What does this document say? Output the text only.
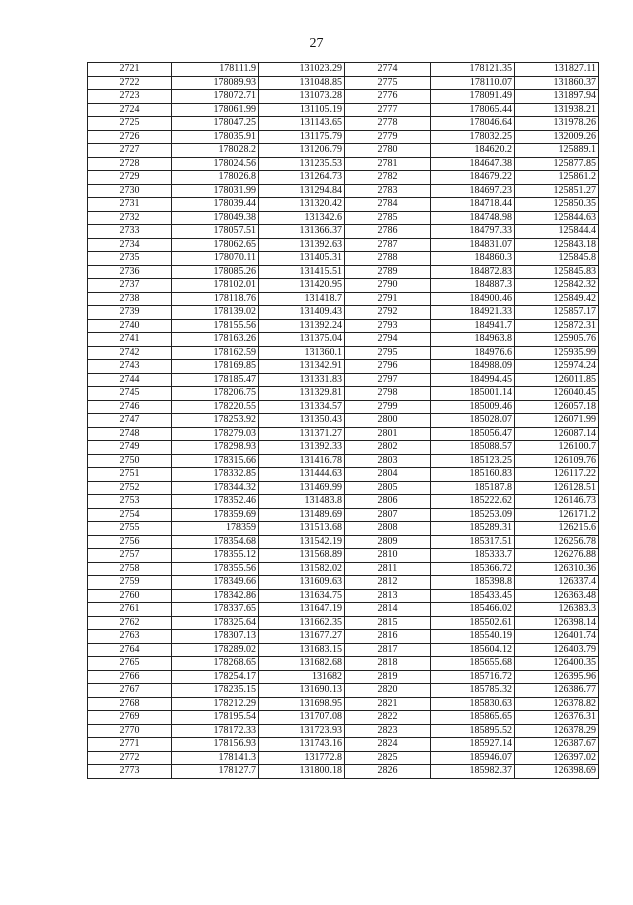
27
2721	178111.9	131023.29	2774	178121.35	131827.11
2722	178089.93	131048.85	2775	178110.07	131860.37
2723	178072.71	131073.28	2776	178091.49	131897.94
2724	178061.99	131105.19	2777	178065.44	131938.21
2725	178047.25	131143.65	2778	178046.64	131978.26
2726	178035.91	131175.79	2779	178032.25	132009.26
2727	178028.2	131206.79	2780	184620.2	125889.1
2728	178024.56	131235.53	2781	184647.38	125877.85
2729	178026.8	131264.73	2782	184679.22	125861.2
2730	178031.99	131294.84	2783	184697.23	125851.27
2731	178039.44	131320.42	2784	184718.44	125850.35
2732	178049.38	131342.6	2785	184748.98	125844.63
2733	178057.51	131366.37	2786	184797.33	125844.4
2734	178062.65	131392.63	2787	184831.07	125843.18
2735	178070.11	131405.31	2788	184860.3	125845.8
2736	178085.26	131415.51	2789	184872.83	125845.83
2737	178102.01	131420.95	2790	184887.3	125842.32
2738	178118.76	131418.7	2791	184900.46	125849.42
2739	178139.02	131409.43	2792	184921.33	125857.17
2740	178155.56	131392.24	2793	184941.7	125872.31
2741	178163.26	131375.04	2794	184963.8	125905.76
2742	178162.59	131360.1	2795	184976.6	125935.99
2743	178169.85	131342.91	2796	184988.09	125974.24
2744	178185.47	131331.83	2797	184994.45	126011.85
2745	178206.75	131329.81	2798	185001.14	126040.45
2746	178220.55	131334.57	2799	185009.46	126057.18
2747	178253.92	131350.43	2800	185028.07	126071.99
2748	178279.03	131371.27	2801	185056.47	126087.14
2749	178298.93	131392.33	2802	185088.57	126100.7
2750	178315.66	131416.78	2803	185123.25	126109.76
2751	178332.85	131444.63	2804	185160.83	126117.22
2752	178344.32	131469.99	2805	185187.8	126128.51
2753	178352.46	131483.8	2806	185222.62	126146.73
2754	178359.69	131489.69	2807	185253.09	126171.2
2755	178359	131513.68	2808	185289.31	126215.6
2756	178354.68	131542.19	2809	185317.51	126256.78
2757	178355.12	131568.89	2810	185333.7	126276.88
2758	178355.56	131582.02	2811	185366.72	126310.36
2759	178349.66	131609.63	2812	185398.8	126337.4
2760	178342.86	131634.75	2813	185433.45	126363.48
2761	178337.65	131647.19	2814	185466.02	126383.3
2762	178325.64	131662.35	2815	185502.61	126398.14
2763	178307.13	131677.27	2816	185540.19	126401.74
2764	178289.02	131683.15	2817	185604.12	126403.79
2765	178268.65	131682.68	2818	185655.68	126400.35
2766	178254.17	131682	2819	185716.72	126395.96
2767	178235.15	131690.13	2820	185785.32	126386.77
2768	178212.29	131698.95	2821	185830.63	126378.82
2769	178195.54	131707.08	2822	185865.65	126376.31
2770	178172.33	131723.93	2823	185895.52	126378.29
2771	178156.93	131743.16	2824	185927.14	126387.67
2772	178141.3	131772.8	2825	185946.07	126397.02
2773	178127.7	131800.18	2826	185982.37	126398.69
